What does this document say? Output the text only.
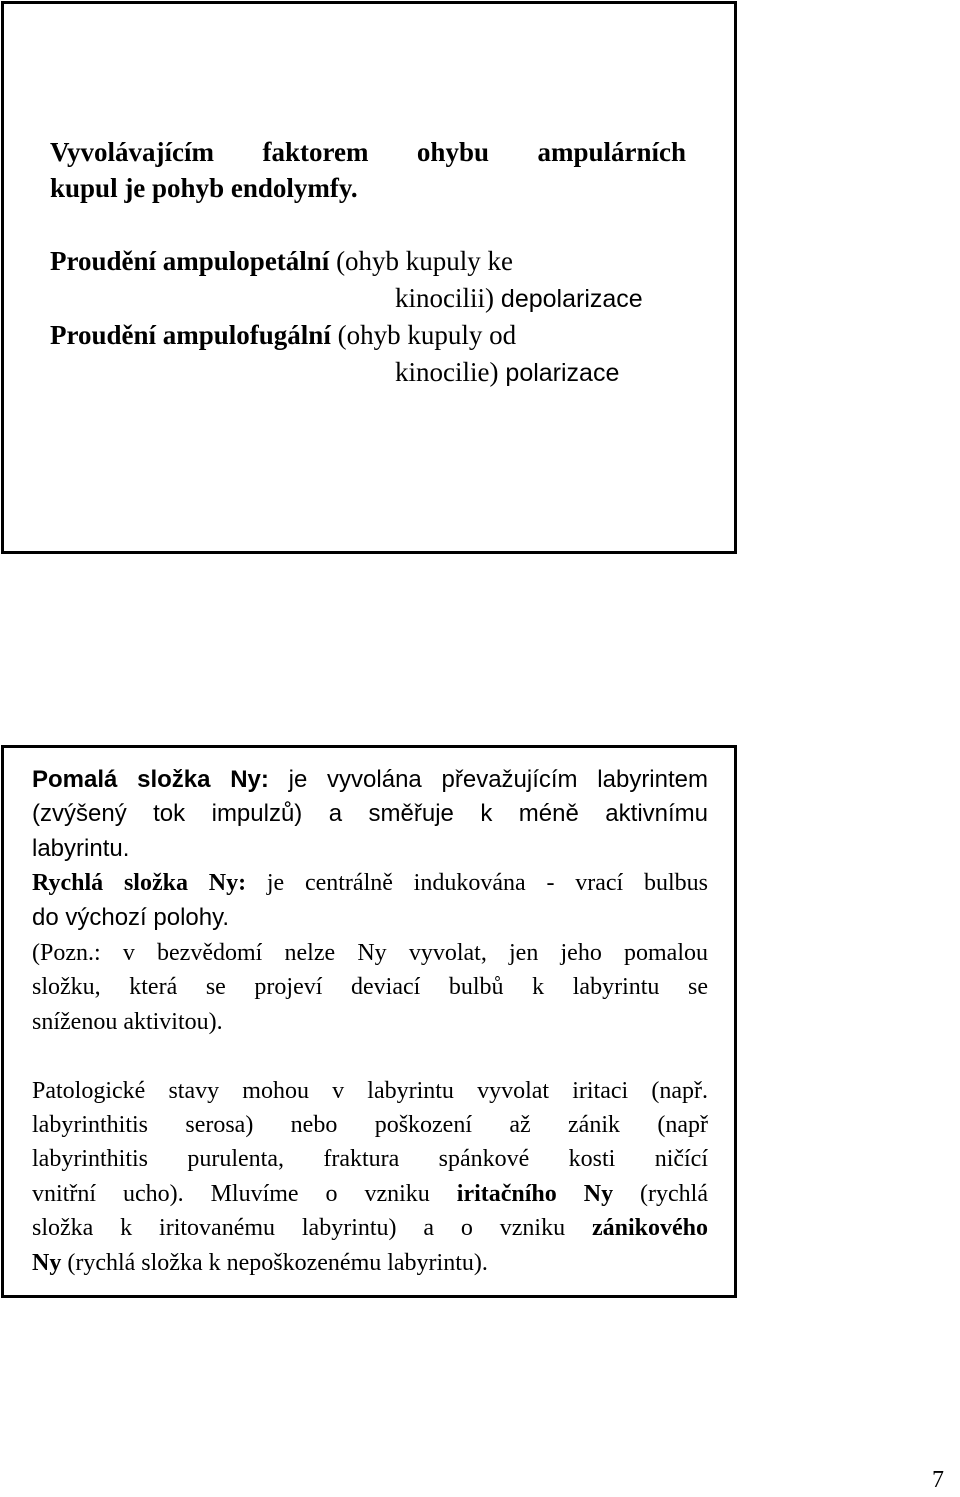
Vyvolávajícím faktorem ohybu ampulárních
kupul je pohyb endolymfy.
Proudění ampulopetální (ohyb kupuly ke
kinocilii) depolarizace
Proudění ampulofugální (ohyb kupuly od
kinocilie) polarizace
Pomalá složka Ny: je vyvolána převažujícím labyrintem
(zvýšený tok impulzů) a směřuje k méně aktivnímu
labyrintu.
Rychlá složka Ny: je centrálně indukována - vrací bulbus
do výchozí polohy.
(Pozn.: v bezvědomí nelze Ny vyvolat, jen jeho pomalou
složku, která se projeví deviací bulbů k labyrintu se
sníženou aktivitou).
Patologické stavy mohou v labyrintu vyvolat iritaci (např.
labyrinthitis serosa) nebo poškození až zánik (např
labyrinthitis purulenta, fraktura spánkové kosti ničící
vnitřní ucho). Mluvíme o vzniku iritačního Ny (rychlá
složka k iritovanému labyrintu) a o vzniku zánikového
Ny (rychlá složka k nepoškozenému labyrintu).
7
